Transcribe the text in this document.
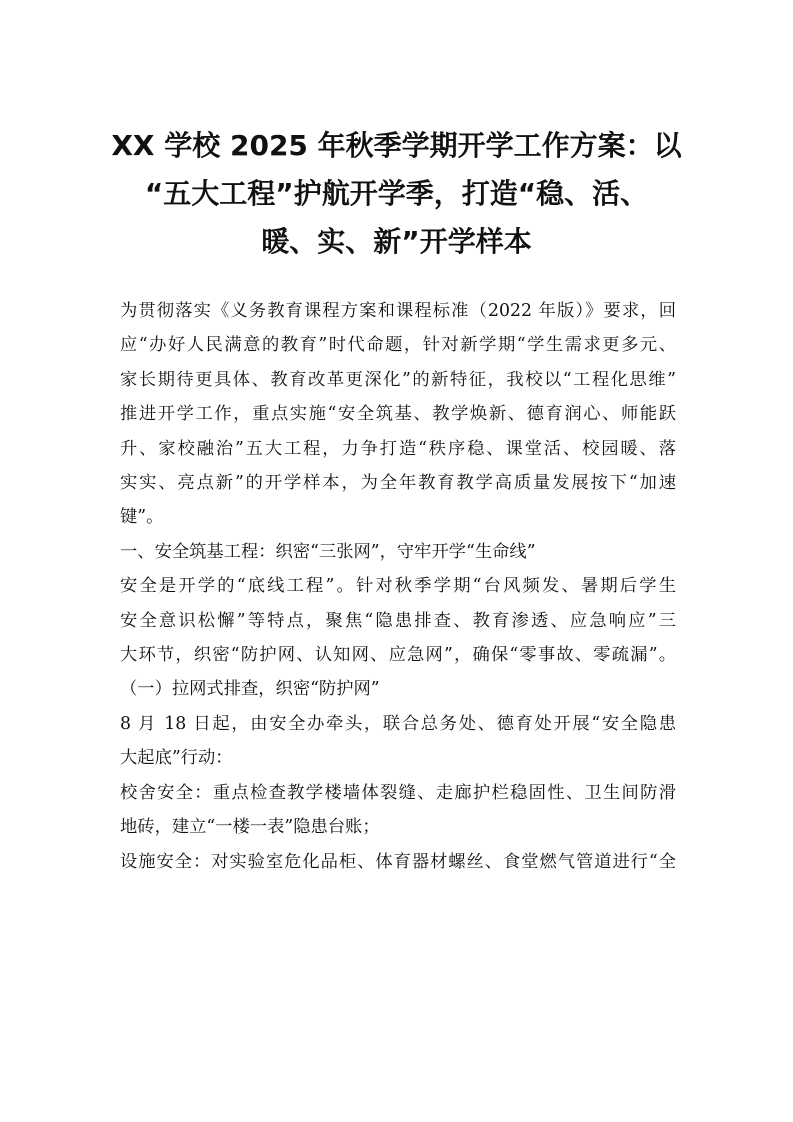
XX 学校 2025 年秋季学期开学工作方案：以
“五大工程”护航开学季，打造“稳、活、
暖、实、新”开学样本

为贯彻落实《义务教育课程方案和课程标准（2022 年版）》要求，回
应“办好人民满意的教育”时代命题，针对新学期“学生需求更多元、
家长期待更具体、教育改革更深化”的新特征，我校以“工程化思维”
推进开学工作，重点实施“安全筑基、教学焕新、德育润心、师能跃
升、家校融治”五大工程，力争打造“秩序稳、课堂活、校园暖、落
实实、亮点新”的开学样本，为全年教育教学高质量发展按下“加速
键”。

一、安全筑基工程：织密“三张网”，守牢开学“生命线”

安全是开学的“底线工程”。针对秋季学期“台风频发、暑期后学生
安全意识松懈”等特点，聚焦“隐患排查、教育渗透、应急响应”三
大环节，织密“防护网、认知网、应急网”，确保“零事故、零疏漏”。

（一）拉网式排查，织密“防护网”

8 月 18 日起，由安全办牵头，联合总务处、德育处开展“安全隐患
大起底”行动：

校舍安全：重点检查教学楼墙体裂缝、走廊护栏稳固性、卫生间防滑
地砖，建立“一楼一表”隐患台账；

设施安全：对实验室危化品柜、体育器材螺丝、食堂燃气管道进行“全
